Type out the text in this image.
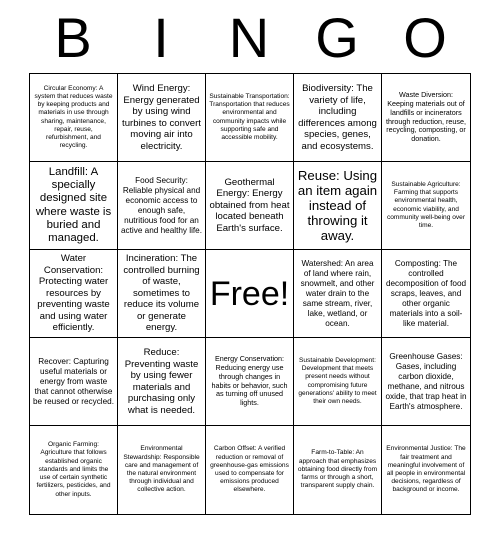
B	I	N G O
Circular Economy: A system that reduces waste by keeping products and materials in use through sharing, maintenance, repair, reuse, refurbishment, and recycling.
Wind Energy: Energy generated by using wind turbines to convert moving air into electricity.
Sustainable Transportation: Transportation that reduces environmental and community impacts while supporting safe and accessible mobility.
Biodiversity: The variety of life, including differences among species, genes, and ecosystems.
Waste Diversion: Keeping materials out of landfills or incinerators through reduction, reuse, recycling, composting, or donation.
Landfill: A specially designed site where waste is buried and managed.
Food Security: Reliable physical and economic access to enough safe, nutritious food for an active and healthy life.
Geothermal Energy: Energy obtained from heat located beneath Earth's surface.
Reuse: Using an item again instead of throwing it away.
Sustainable Agriculture: Farming that supports environmental health, economic viability, and community well-being over time.
Water Conservation: Protecting water resources by preventing waste and using water efficiently.
Incineration: The controlled burning of waste, sometimes to reduce its volume or generate energy.
Free!
Watershed: An area of land where rain, snowmelt, and other water drain to the same stream, river, lake, wetland, or ocean.
Composting: The controlled decomposition of food scraps, leaves, and other organic materials into a soil-like material.
Recover: Capturing useful materials or energy from waste that cannot otherwise be reused or recycled.
Reduce: Preventing waste by using fewer materials and purchasing only what is needed.
Energy Conservation: Reducing energy use through changes in habits or behavior, such as turning off unused lights.
Sustainable Development: Development that meets present needs without compromising future generations' ability to meet their own needs.
Greenhouse Gases: Gases, including carbon dioxide, methane, and nitrous oxide, that trap heat in Earth's atmosphere.
Organic Farming: Agriculture that follows established organic standards and limits the use of certain synthetic fertilizers, pesticides, and other inputs.
Environmental Stewardship: Responsible care and management of the natural environment through individual and collective action.
Carbon Offset: A verified reduction or removal of greenhouse-gas emissions used to compensate for emissions produced elsewhere.
Farm-to-Table: An approach that emphasizes obtaining food directly from farms or through a short, transparent supply chain.
Environmental Justice: The fair treatment and meaningful involvement of all people in environmental decisions, regardless of background or income.
